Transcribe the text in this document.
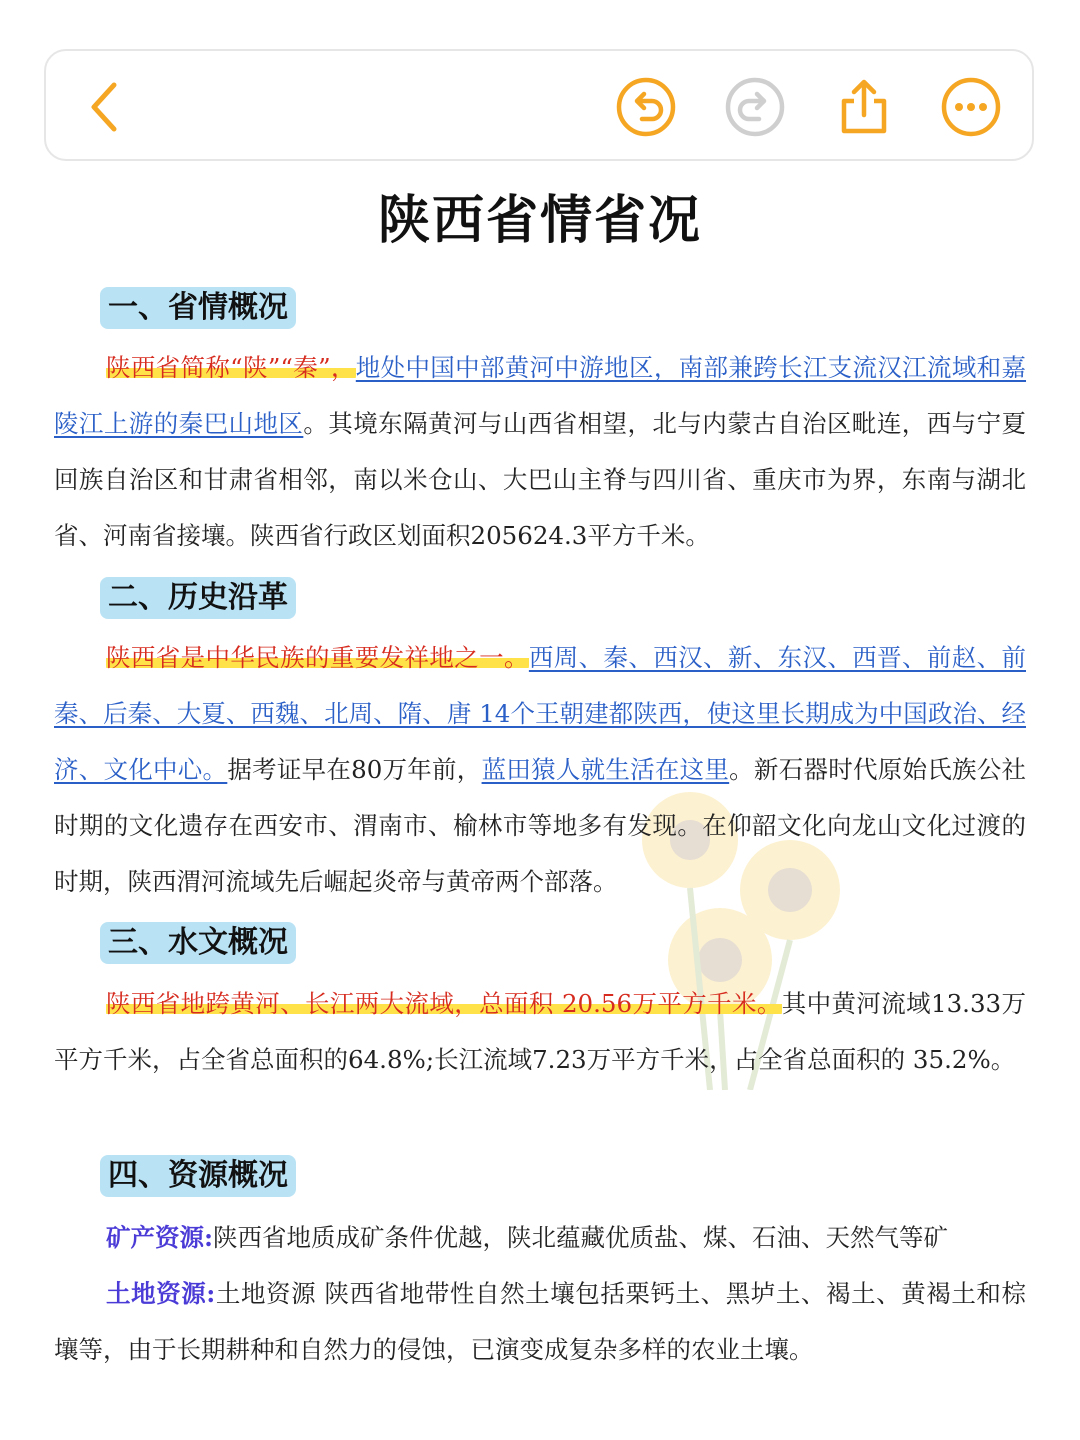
陕西省情省况
一、省情概况
陕西省简称“陕”“秦”，地处中国中部黄河中游地区，南部兼跨长江支流汉江流域和嘉陵江上游的秦巴山地区。其境东隔黄河与山西省相望，北与内蒙古自治区毗连，西与宁夏回族自治区和甘肃省相邻，南以米仓山、大巴山主脊与四川省、重庆市为界，东南与湖北省、河南省接壤。陕西省行政区划面积205624.3平方千米。
二、历史沿革
陕西省是中华民族的重要发祥地之一。西周、秦、西汉、新、东汉、西晋、前赵、前秦、后秦、大夏、西魏、北周、隋、唐 14个王朝建都陕西，使这里长期成为中国政治、经济、文化中心。据考证早在80万年前，蓝田猿人就生活在这里。新石器时代原始氏族公社时期的文化遗存在西安市、渭南市、榆林市等地多有发现。在仰韶文化向龙山文化过渡的时期，陕西渭河流域先后崛起炎帝与黄帝两个部落。
三、水文概况
陕西省地跨黄河、长江两大流域，总面积 20.56万平方千米。其中黄河流域13.33万平方千米，占全省总面积的64.8%;长江流域7.23万平方千米，占全省总面积的 35.2%。
四、资源概况
矿产资源:陕西省地质成矿条件优越，陕北蕴藏优质盐、煤、石油、天然气等矿
土地资源:土地资源 陕西省地带性自然土壤包括栗钙土、黑垆土、褐土、黄褐土和棕壤等，由于长期耕种和自然力的侵蚀，已演变成复杂多样的农业土壤。
